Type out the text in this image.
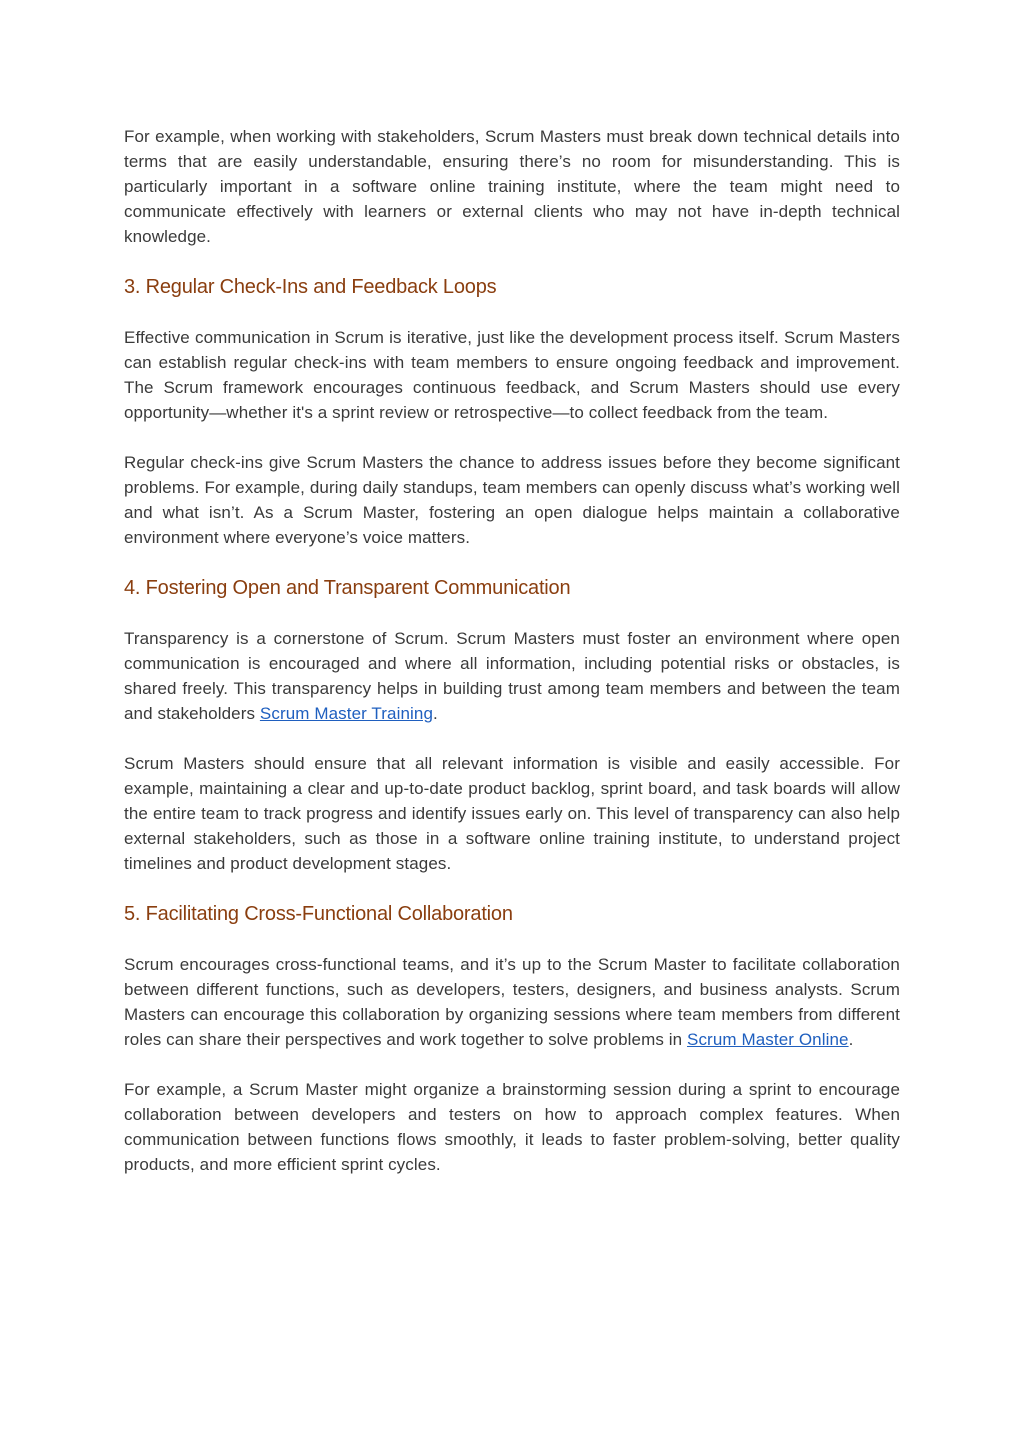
For example, when working with stakeholders, Scrum Masters must break down technical details into terms that are easily understandable, ensuring there’s no room for misunderstanding. This is particularly important in a software online training institute, where the team might need to communicate effectively with learners or external clients who may not have in-depth technical knowledge.

3. Regular Check-Ins and Feedback Loops

Effective communication in Scrum is iterative, just like the development process itself. Scrum Masters can establish regular check-ins with team members to ensure ongoing feedback and improvement. The Scrum framework encourages continuous feedback, and Scrum Masters should use every opportunity—whether it's a sprint review or retrospective—to collect feedback from the team.

Regular check-ins give Scrum Masters the chance to address issues before they become significant problems. For example, during daily standups, team members can openly discuss what’s working well and what isn’t. As a Scrum Master, fostering an open dialogue helps maintain a collaborative environment where everyone’s voice matters.

4. Fostering Open and Transparent Communication

Transparency is a cornerstone of Scrum. Scrum Masters must foster an environment where open communication is encouraged and where all information, including potential risks or obstacles, is shared freely. This transparency helps in building trust among team members and between the team and stakeholders Scrum Master Training.

Scrum Masters should ensure that all relevant information is visible and easily accessible. For example, maintaining a clear and up-to-date product backlog, sprint board, and task boards will allow the entire team to track progress and identify issues early on. This level of transparency can also help external stakeholders, such as those in a software online training institute, to understand project timelines and product development stages.

5. Facilitating Cross-Functional Collaboration

Scrum encourages cross-functional teams, and it’s up to the Scrum Master to facilitate collaboration between different functions, such as developers, testers, designers, and business analysts. Scrum Masters can encourage this collaboration by organizing sessions where team members from different roles can share their perspectives and work together to solve problems in Scrum Master Online.

For example, a Scrum Master might organize a brainstorming session during a sprint to encourage collaboration between developers and testers on how to approach complex features. When communication between functions flows smoothly, it leads to faster problem-solving, better quality products, and more efficient sprint cycles.
